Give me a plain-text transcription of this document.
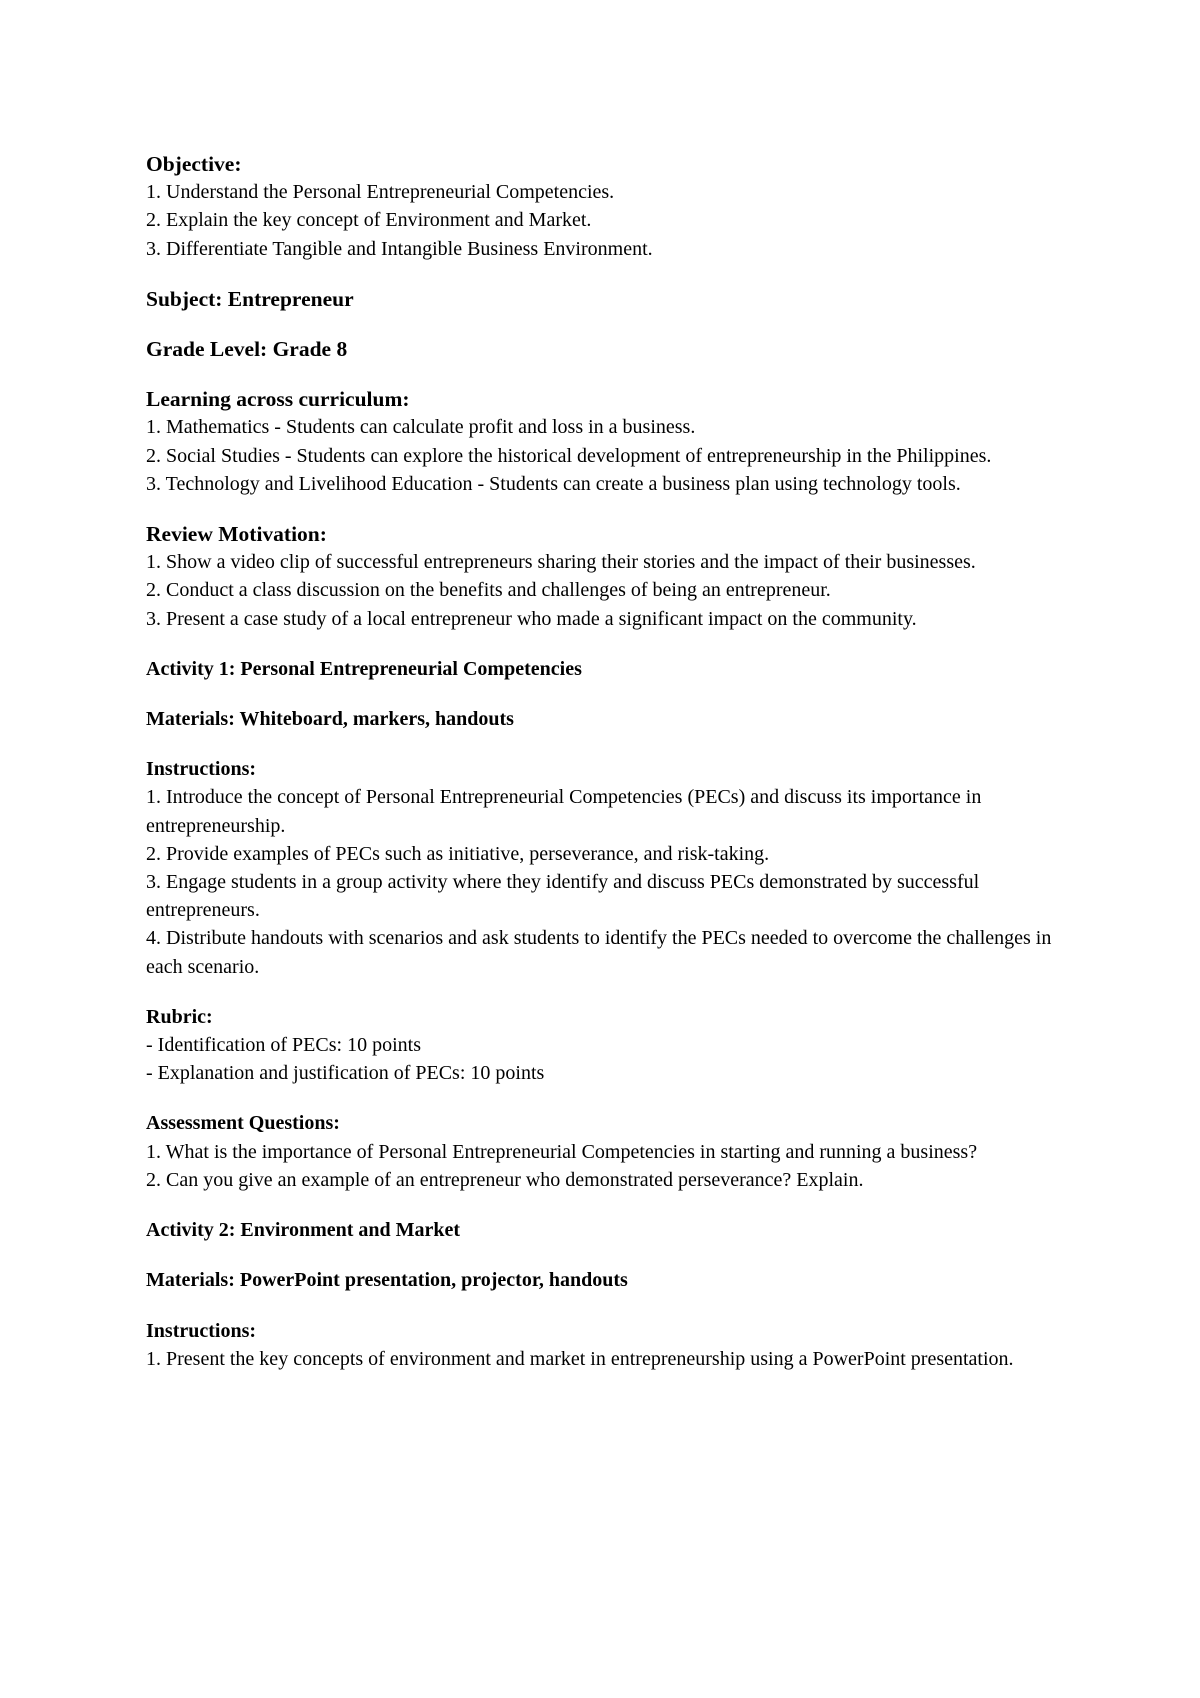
Objective:

1. Understand the Personal Entrepreneurial Competencies.

2. Explain the key concept of Environment and Market.

3. Differentiate Tangible and Intangible Business Environment.

Subject: Entrepreneur

Grade Level: Grade 8

Learning across curriculum:

1. Mathematics - Students can calculate profit and loss in a business.

2. Social Studies - Students can explore the historical development of entrepreneurship in the Philippines.

3. Technology and Livelihood Education - Students can create a business plan using technology tools.

Review Motivation:

1. Show a video clip of successful entrepreneurs sharing their stories and the impact of their businesses.

2. Conduct a class discussion on the benefits and challenges of being an entrepreneur.

3. Present a case study of a local entrepreneur who made a significant impact on the community.

Activity 1: Personal Entrepreneurial Competencies

Materials: Whiteboard, markers, handouts

Instructions:

1. Introduce the concept of Personal Entrepreneurial Competencies (PECs) and discuss its importance in entrepreneurship.

2. Provide examples of PECs such as initiative, perseverance, and risk-taking.

3. Engage students in a group activity where they identify and discuss PECs demonstrated by successful entrepreneurs.

4. Distribute handouts with scenarios and ask students to identify the PECs needed to overcome the challenges in each scenario.

Rubric:

- Identification of PECs: 10 points

- Explanation and justification of PECs: 10 points

Assessment Questions:

1. What is the importance of Personal Entrepreneurial Competencies in starting and running a business?

2. Can you give an example of an entrepreneur who demonstrated perseverance? Explain.

Activity 2: Environment and Market

Materials: PowerPoint presentation, projector, handouts

Instructions:

1. Present the key concepts of environment and market in entrepreneurship using a PowerPoint presentation.
